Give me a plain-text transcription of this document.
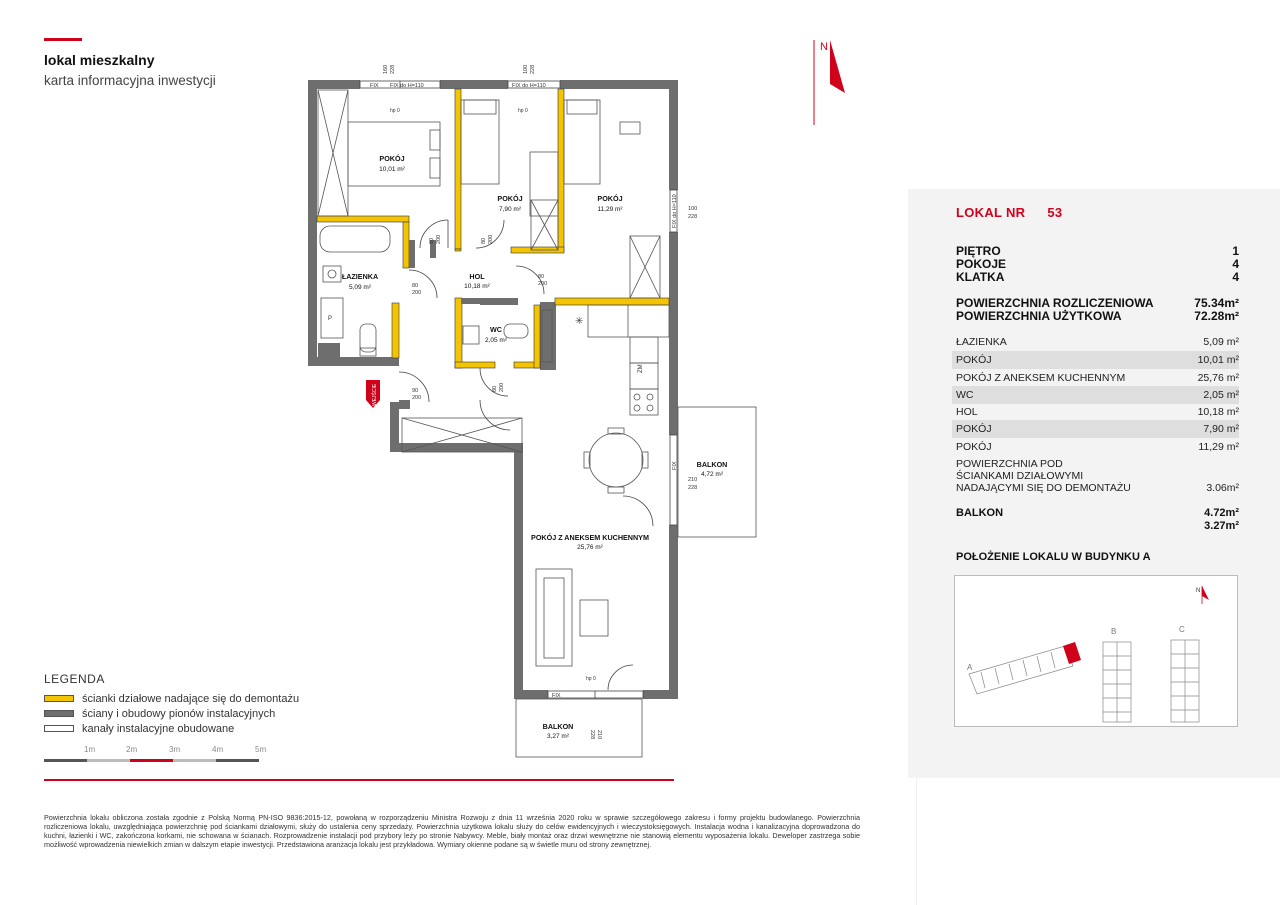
lokal mieszkalny
karta informacyjna inwestycji
N
WEJŚCIE
POKÓJ
10,01 m²
POKÓJ
7,90 m²
POKÓJ
11,29 m²
ŁAZIENKA
5,09 m²
HOL
10,18 m²
WC
2,05 m²
POKÓJ Z ANEKSEM KUCHENNYM
25,76 m²
BALKON
4,72 m²
BALKON
3,27 m²
FIX FIX do H=110	FIX do H=110
FIX do H=110
FIX
FIX
160 228	100 228
100
228
210
228
210
228
80 200	80 200
80
200
80
200
80 200
90
200
hp 0	hp 0
hp 0
P
ZM
✳
LEGENDA
ścianki działowe nadające się do demontażu
ściany i obudowy pionów instalacyjnych
kanały instalacyjne obudowane
1m	2m	3m	4m	5m
Powierzchnia lokalu obliczona została zgodnie z Polską Normą PN-ISO 9836:2015-12, powołaną w rozporządzeniu Ministra Rozwoju z dnia 11 września 2020 roku w sprawie szczegółowego zakresu i formy projektu budowlanego. Powierzchnia rozliczeniowa lokalu, uwzględniająca powierzchnię pod ściankami działowymi, służy do ustalenia ceny sprzedaży. Powierzchnia użytkowa lokalu służy do celów ewidencyjnych i wieczystoksięgowych. Instalacja wodna i kanalizacyjna doprowadzona do kuchni, łazienki i WC, zakończona korkami, nie schowana w ścianach. Rozprowadzenie instalacji pod przybory leży po stronie Nabywcy. Meble, biały montaż oraz drzwi wewnętrzne nie stanowią elementu wyposażenia lokalu. Deweloper zastrzega sobie możliwość wprowadzenia niewielkich zmian w dalszym etapie inwestycji. Przedstawiona aranżacja lokalu jest przykładowa. Wymiary okienne podane są w świetle muru od strony zewnętrznej.
LOKAL NR 53
PIĘTRO	1
POKOJE	4
KLATKA	4
POWIERZCHNIA ROZLICZENIOWA	75.34m²
POWIERZCHNIA UŻYTKOWA	72.28m²
ŁAZIENKA	5,09 m²
POKÓJ	10,01 m²
POKÓJ Z ANEKSEM KUCHENNYM	25,76 m²
WC	2,05 m²
HOL	10,18 m²
POKÓJ	7,90 m²
POKÓJ	11,29 m²
POWIERZCHNIA POD
ŚCIANKAMI DZIAŁOWYMI
NADAJĄCYMI SIĘ DO DEMONTAŻU	3.06m²
BALKON	4.72m²
3.27m²
POŁOŻENIE LOKALU W BUDYNKU A
N
A
B	C
